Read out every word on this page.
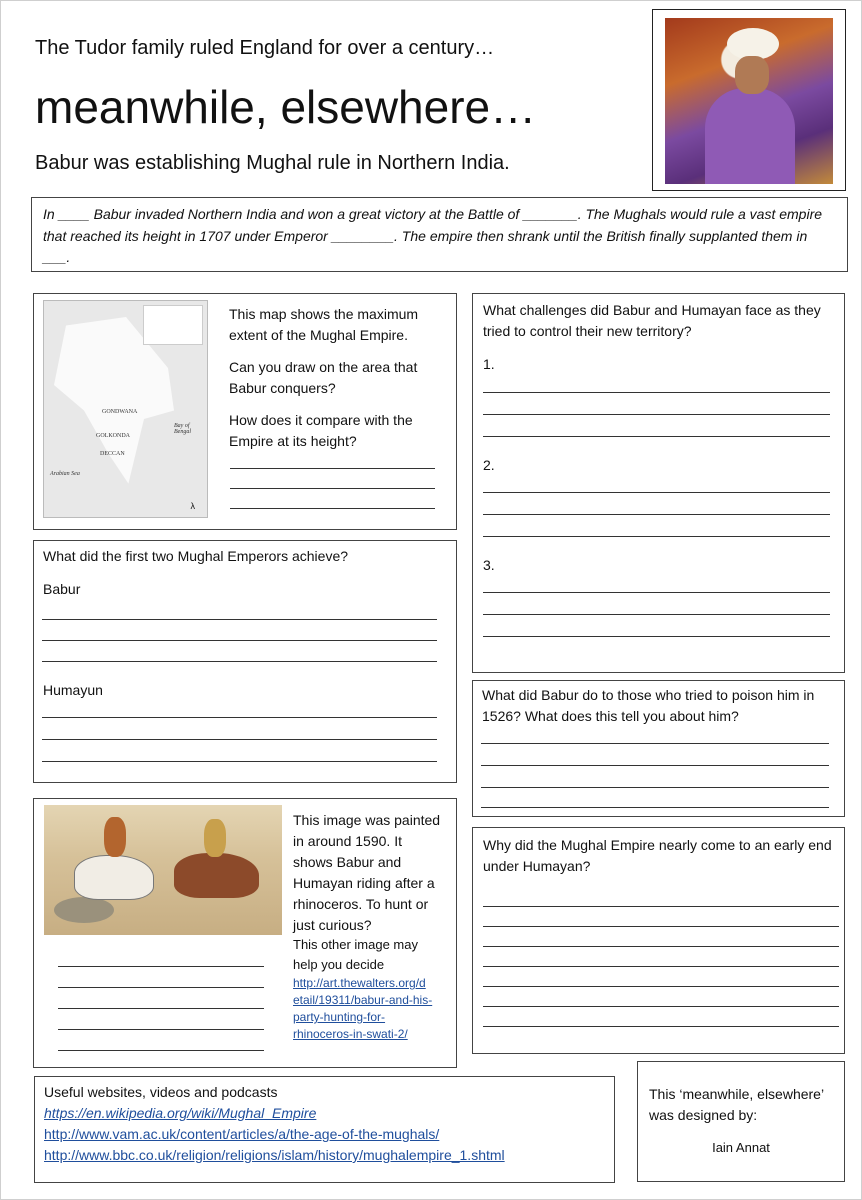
The Tudor family ruled England for over a century…
meanwhile, elsewhere…
Babur was establishing Mughal rule in Northern India.

In ____ Babur invaded Northern India and won a great victory at the Battle of _______. The Mughals would rule a vast empire that reached its height in 1707 under Emperor ________. The empire then shrank until the British finally supplanted them in ___.

GONDWANA
GOLKONDA
DECCAN
Arabian Sea
Bay of Bengal
λ
This map shows the maximum extent of the Mughal Empire.
Can you draw on the area that Babur conquers?
How does it compare with the Empire at its height?
What challenges did Babur and Humayan face as they tried to control their new territory?
1.
2.
3.
What did the first two Mughal Emperors achieve?
Babur
Humayun	What did Babur do to those who tried to poison him in 1526? What does this tell you about him?
This image was painted in around 1590. It shows Babur and Humayan riding after a rhinoceros. To hunt or just curious?
This other image may help you decide
http://art.thewalters.org/d
etail/19311/babur-and-his-
party-hunting-for-
rhinoceros-in-swati-2/
Why did the Mughal Empire nearly come to an early end under Humayan?
Useful websites, videos and podcasts
https://en.wikipedia.org/wiki/Mughal_Empire
http://www.vam.ac.uk/content/articles/a/the-age-of-the-mughals/
http://www.bbc.co.uk/religion/religions/islam/history/mughalempire_1.shtml
This ‘meanwhile, elsewhere’
was designed by:
Iain Annat
